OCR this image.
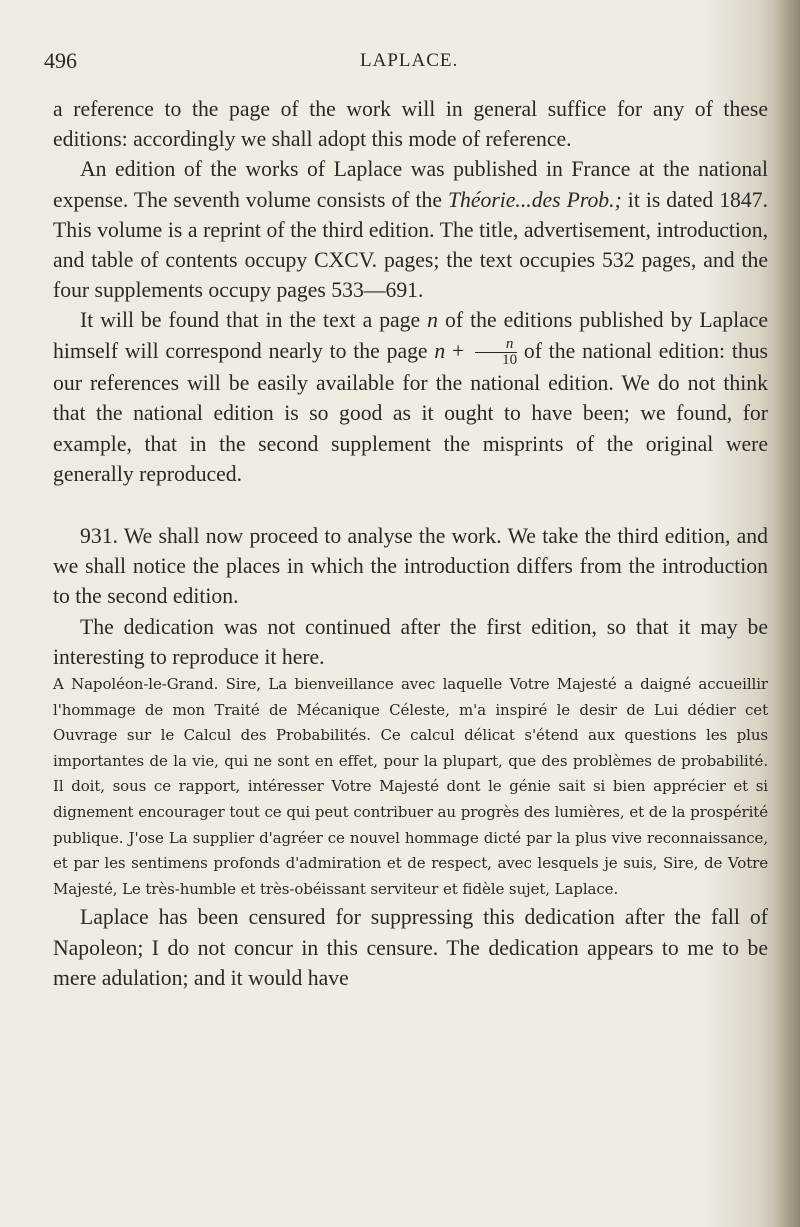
496	LAPLACE.

a reference to the page of the work will in general suffice for any of these editions: accordingly we shall adopt this mode of reference.

An edition of the works of Laplace was published in France at the national expense. The seventh volume consists of the Théorie...des Prob.; it is dated 1847. This volume is a reprint of the third edition. The title, advertisement, introduction, and table of contents occupy CXCV. pages; the text occupies 532 pages, and the four supplements occupy pages 533—691.

It will be found that in the text a page n of the editions published by Laplace himself will correspond nearly to the page $n + \frac{n}{10}$ of the national edition: thus our references will be easily available for the national edition. We do not think that the national edition is so good as it ought to have been; we found, for example, that in the second supplement the misprints of the original were generally reproduced.

931. We shall now proceed to analyse the work. We take the third edition, and we shall notice the places in which the introduction differs from the introduction to the second edition.

The dedication was not continued after the first edition, so that it may be interesting to reproduce it here.

A Napoléon-le-Grand. Sire, La bienveillance avec laquelle Votre Majesté a daigné accueillir l'hommage de mon Traité de Mécanique Céleste, m'a inspiré le desir de Lui dédier cet Ouvrage sur le Calcul des Probabilités. Ce calcul délicat s'étend aux questions les plus importantes de la vie, qui ne sont en effet, pour la plupart, que des problèmes de probabilité. Il doit, sous ce rapport, intéresser Votre Majesté dont le génie sait si bien apprécier et si dignement encourager tout ce qui peut contribuer au progrès des lumières, et de la prospérité publique. J'ose La supplier d'agréer ce nouvel hommage dicté par la plus vive reconnaissance, et par les sentimens profonds d'admiration et de respect, avec lesquels je suis, Sire, de Votre Majesté, Le très-humble et très-obéissant serviteur et fidèle sujet, Laplace.

Laplace has been censured for suppressing this dedication after the fall of Napoleon; I do not concur in this censure. The dedication appears to me to be mere adulation; and it would have
